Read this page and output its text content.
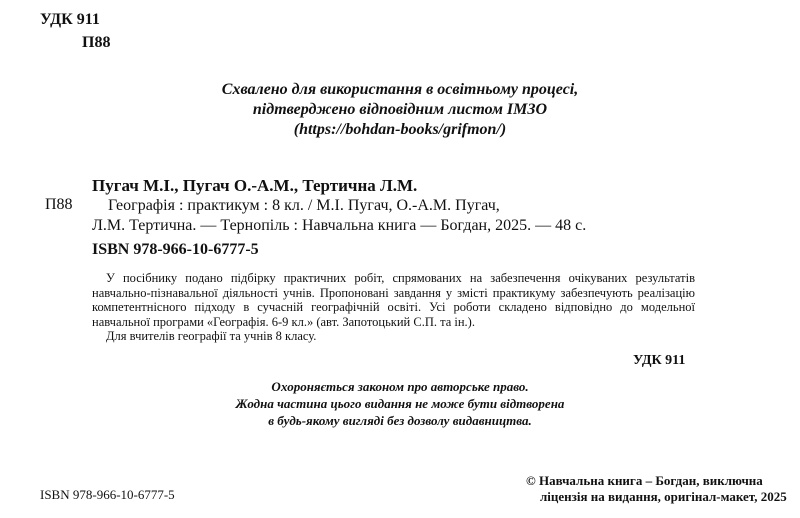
УДК 911
П88
Схвалено для використання в освітньому процесі,
підтверджено відповідним листом ІМЗО
(https://bohdan-books/grifmon/)
П88
Пугач М.І., Пугач О.-А.М., Тертична Л.М.
Географія : практикум : 8 кл. / М.І. Пугач, О.-А.М. Пугач,
Л.М. Тертична. — Тернопіль : Навчальна книга — Богдан, 2025. — 48 с.
ISBN 978-966-10-6777-5

У посібнику подано підбірку практичних робіт, спрямованих на забезпечення очікуваних результатів навчально-пізнавальної діяльності учнів. Пропоновані завдання у змісті практикуму забезпечують реалізацію компетентнісного підходу в сучасній географічній освіті. Усі роботи складено відповідно до модельної навчальної програми «Географія. 6-9 кл.» (авт. Запотоцький С.П. та ін.).

Для вчителів географії та учнів 8 класу.

УДК 911
Охороняється законом про авторське право.
Жодна частина цього видання не може бути відтворена
в будь-якому вигляді без дозволу видавництва.
ISBN 978-966-10-6777-5
© Навчальна книга – Богдан, виключна
ліцензія на видання, оригінал-макет, 2025
